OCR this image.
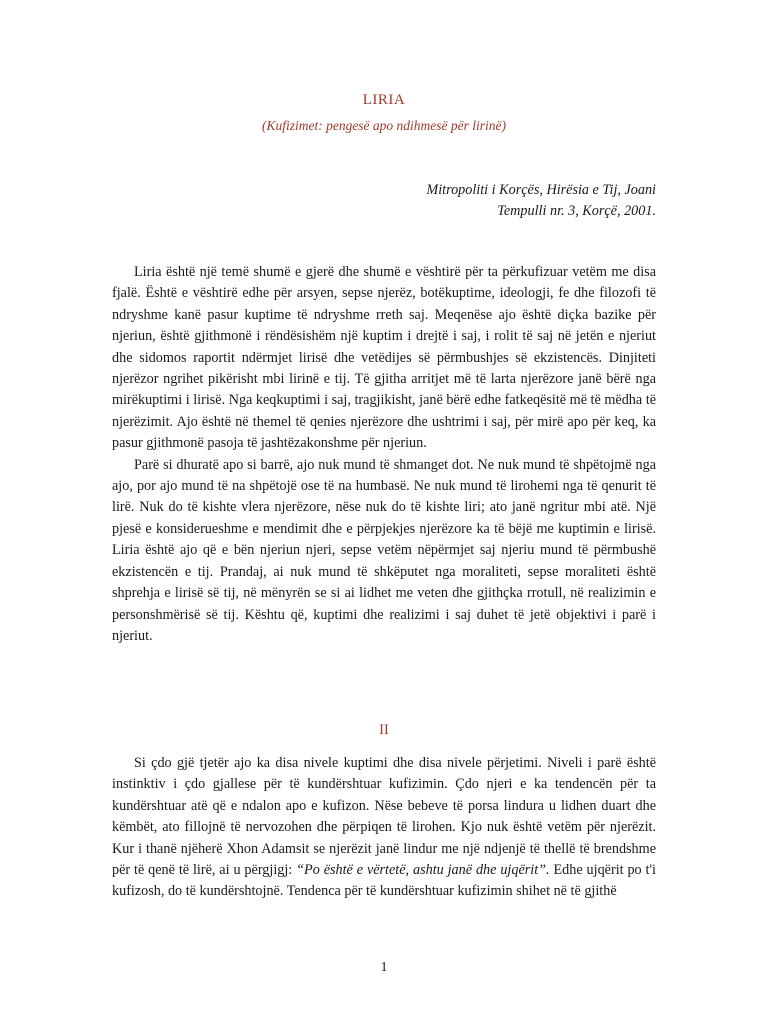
LIRIA
(Kufizimet: pengesë apo ndihmesë për lirinë)
Mitropoliti i Korçës, Hirësia e Tij, Joani
Tempulli nr. 3, Korçë, 2001.

Liria është një temë shumë e gjerë dhe shumë e vështirë për ta përkufizuar vetëm me disa fjalë. Është e vështirë edhe për arsyen, sepse njerëz, botëkuptime, ideologji, fe dhe filozofi të ndryshme kanë pasur kuptime të ndryshme rreth saj. Meqenëse ajo është diçka bazike për njeriun, është gjithmonë i rëndësishëm një kuptim i drejtë i saj, i rolit të saj në jetën e njeriut dhe sidomos raportit ndërmjet lirisë dhe vetëdijes së përmbushjes së ekzistencës. Dinjiteti njerëzor ngrihet pikërisht mbi lirinë e tij. Të gjitha arritjet më të larta njerëzore janë bërë nga mirëkuptimi i lirisë. Nga keqkuptimi i saj, tragjikisht, janë bërë edhe fatkeqësitë më të mëdha të njerëzimit. Ajo është në themel të qenies njerëzore dhe ushtrimi i saj, për mirë apo për keq, ka pasur gjithmonë pasoja të jashtëzakonshme për njeriun.

Parë si dhuratë apo si barrë, ajo nuk mund të shmanget dot. Ne nuk mund të shpëtojmë nga ajo, por ajo mund të na shpëtojë ose të na humbasë. Ne nuk mund të lirohemi nga të qenurit të lirë. Nuk do të kishte vlera njerëzore, nëse nuk do të kishte liri; ato janë ngritur mbi atë. Një pjesë e konsiderueshme e mendimit dhe e përpjekjes njerëzore ka të bëjë me kuptimin e lirisë. Liria është ajo që e bën njeriun njeri, sepse vetëm nëpërmjet saj njeriu mund të përmbushë ekzistencën e tij. Prandaj, ai nuk mund të shkëputet nga moraliteti, sepse moraliteti është shprehja e lirisë së tij, në mënyrën se si ai lidhet me veten dhe gjithçka rrotull, në realizimin e personshmërisë së tij. Kështu që, kuptimi dhe realizimi i saj duhet të jetë objektivi i parë i njeriut.

II

Si çdo gjë tjetër ajo ka disa nivele kuptimi dhe disa nivele përjetimi. Niveli i parë është instinktiv i çdo gjallese për të kundërshtuar kufizimin. Çdo njeri e ka tendencën për ta kundërshtuar atë që e ndalon apo e kufizon. Nëse bebeve të porsa lindura u lidhen duart dhe këmbët, ato fillojnë të nervozohen dhe përpiqen të lirohen. Kjo nuk është vetëm për njerëzit. Kur i thanë njëherë Xhon Adamsit se njerëzit janë lindur me një ndjenjë të thellë të brendshme për të qenë të lirë, ai u përgjigj: “Po është e vërtetë, ashtu janë dhe ujqërit”. Edhe ujqërit po t'i kufizosh, do të kundërshtojnë. Tendenca për të kundërshtuar kufizimin shihet në të gjithë

1
